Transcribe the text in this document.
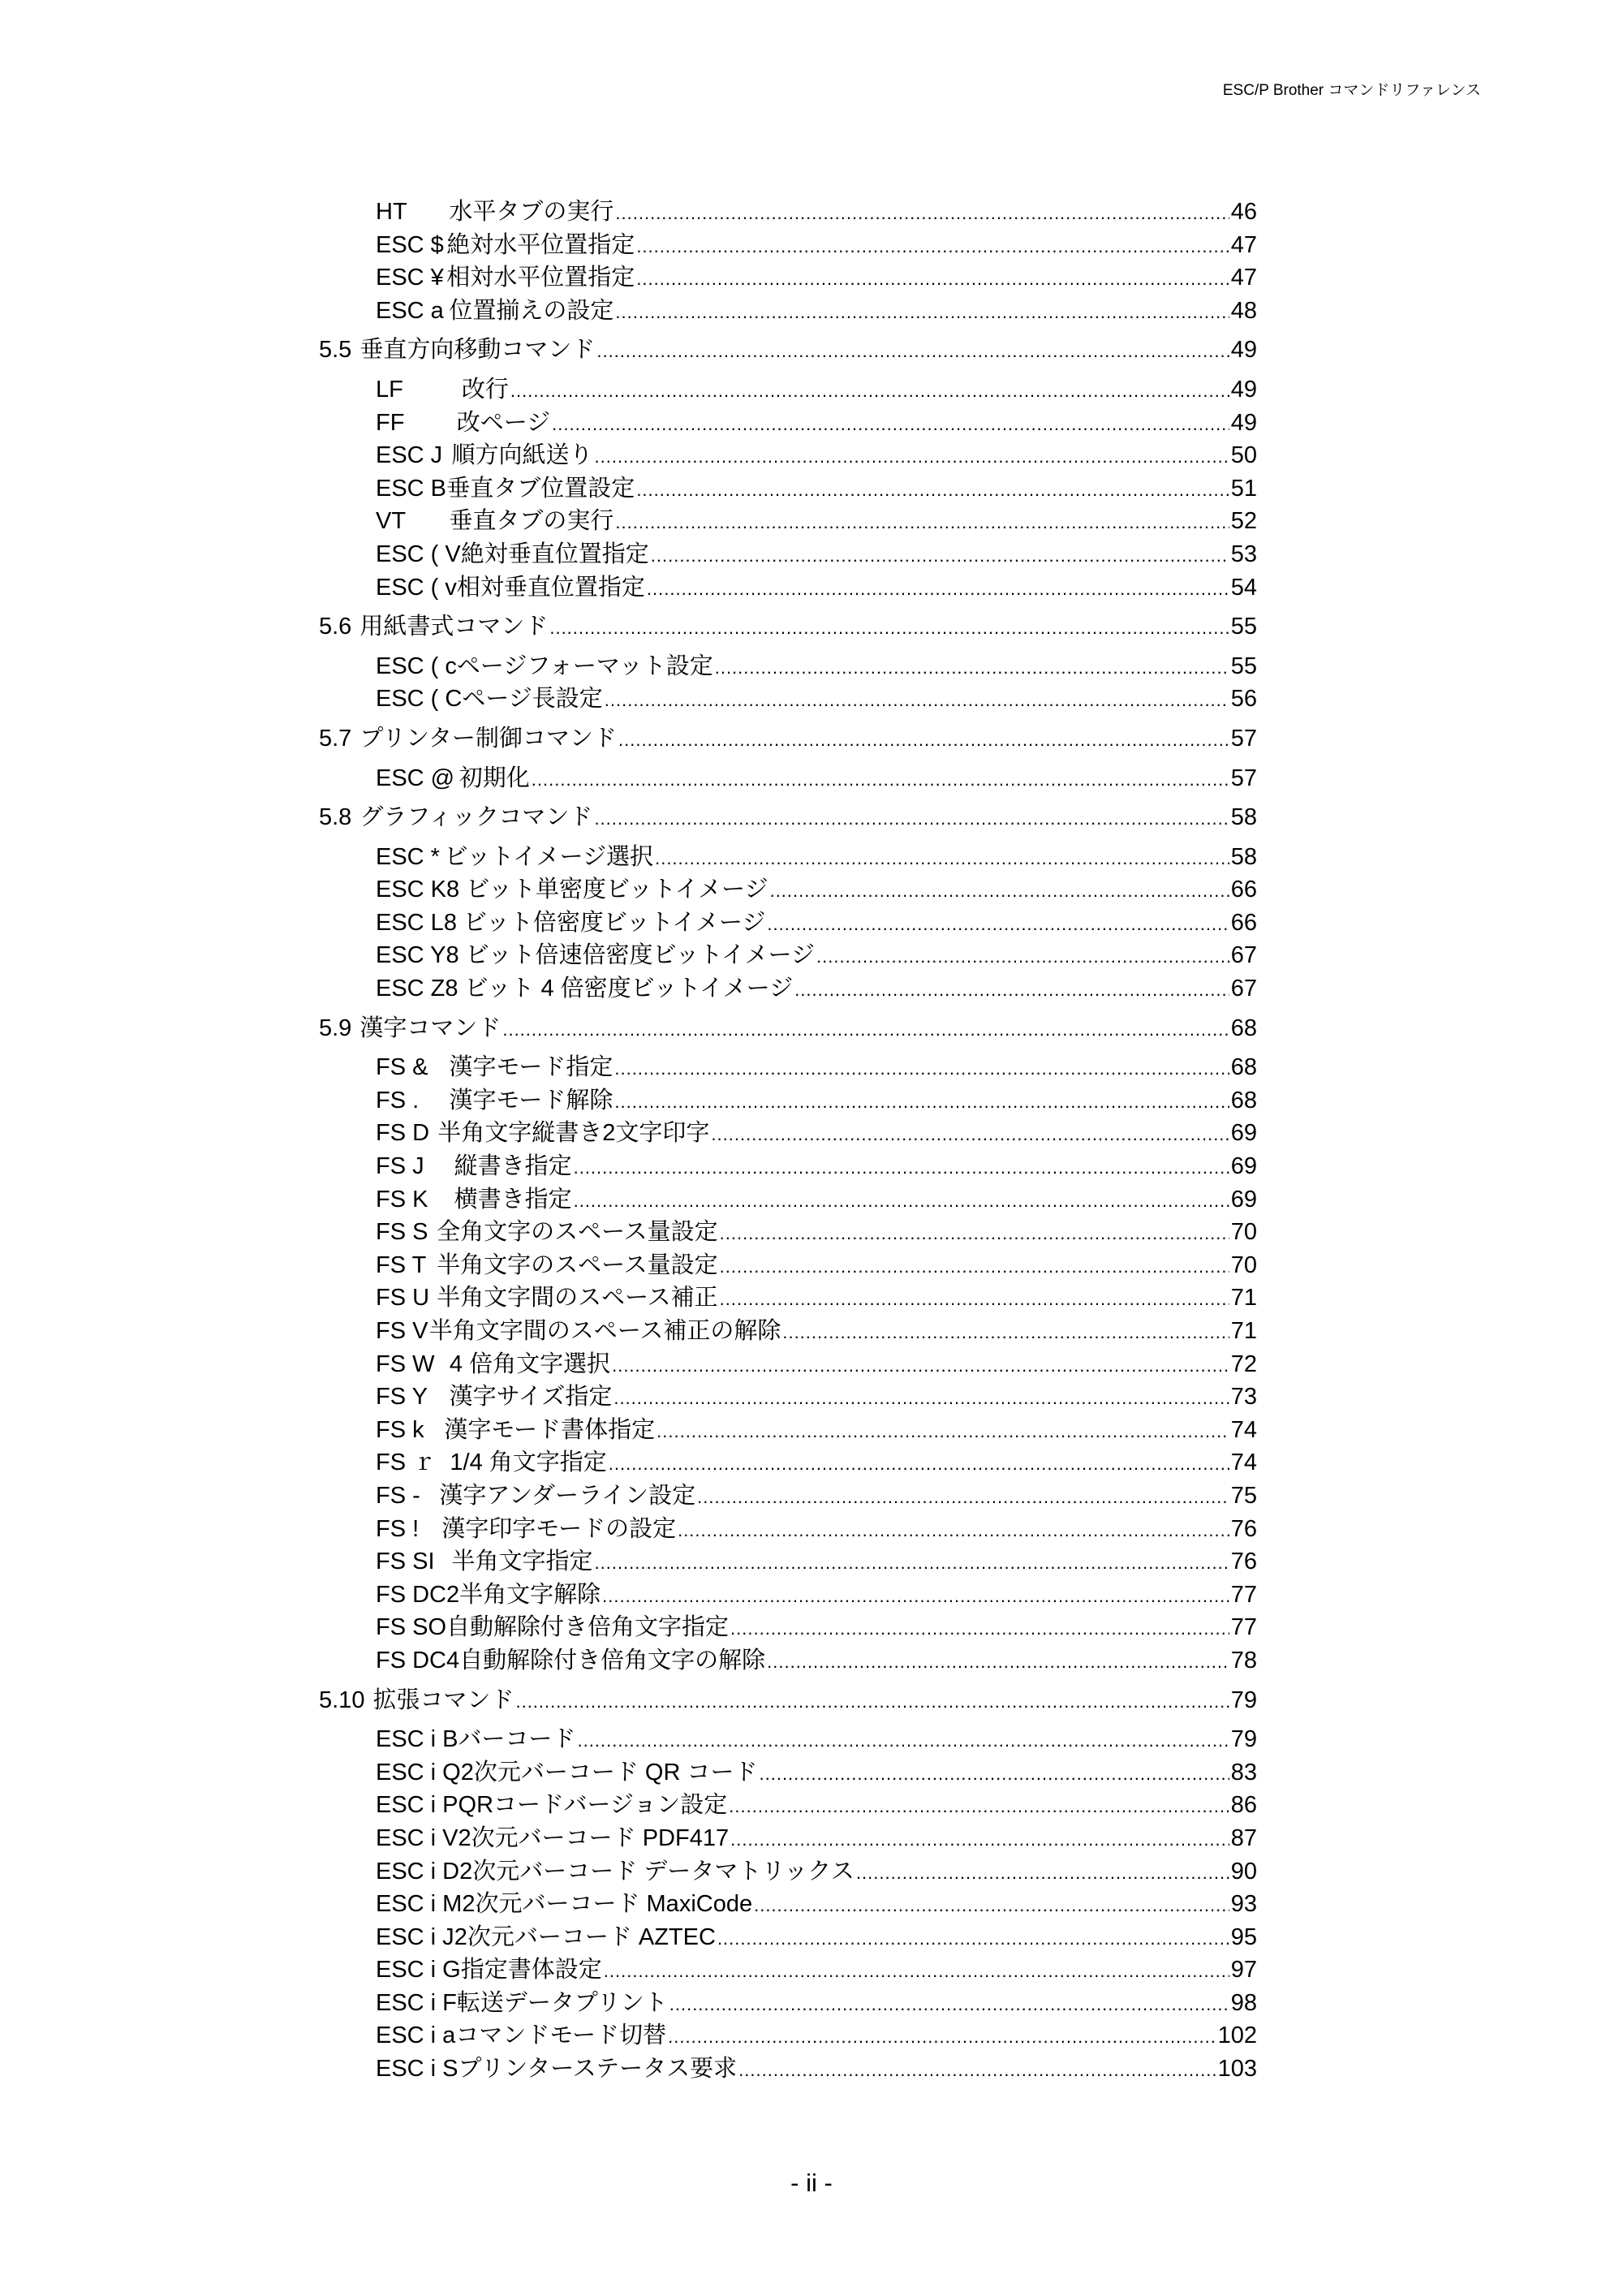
ESC/P Brother コマンドリファレンス
HT	水平タブの実行 .....	46
ESC $ 絶対水平位置指定 .....	47
ESC ¥ 相対水平位置指定 .....	47
ESC a 位置揃えの設定 .....	48
5.5 垂直方向移動コマンド .....	49
LF	改行 .....	49
FF	改ページ .....	49
ESC J 順方向紙送り .....	50
ESC B 垂直タブ位置設定 .....	51
VT	垂直タブの実行 .....	52
ESC ( V 絶対垂直位置指定 .....	53
ESC ( v 相対垂直位置指定 .....	54
5.6 用紙書式コマンド .....	55
ESC ( c ページフォーマット設定 .....	55
ESC ( C ページ長設定 .....	56
5.7 プリンター制御コマンド .....	57
ESC @ 初期化 .....	57
5.8 グラフィックコマンド .....	58
ESC * ビットイメージ選択 .....	58
ESC K 8 ビット単密度ビットイメージ .....	66
ESC L 8 ビット倍密度ビットイメージ .....	66
ESC Y 8 ビット倍速倍密度ビットイメージ .....	67
ESC Z 8 ビット 4 倍密度ビットイメージ .....	67
5.9 漢字コマンド .....	68
FS & 漢字モード指定 .....	68
FS .	漢字モード解除 .....	68
FS D 半角文字縦書き2文字印字 .....	69
FS J	縦書き指定 .....	69
FS K	横書き指定 .....	69
FS S 全角文字のスペース量設定 .....	70
FS T 半角文字のスペース量設定 .....	70
FS U 半角文字間のスペース補正 .....	71
FS V 半角文字間のスペース補正の解除 .....	71
FS W 4 倍角文字選択 .....	72
FS Y 漢字サイズ指定 .....	73
FS k 漢字モード書体指定 .....	74
FS ｒ 1/4 角文字指定 .....	74
FS - 漢字アンダーライン設定 .....	75
FS ! 漢字印字モードの設定 .....	76
FS SI 半角文字指定 .....	76
FS DC2 半角文字解除 .....	77
FS SO 自動解除付き倍角文字指定 .....	77
FS DC4 自動解除付き倍角文字の解除 .....	78
5.10 拡張コマンド .....	79
ESC i B バーコード .....	79
ESC i Q 2次元バーコード QR コード .....	83
ESC i P QRコードバージョン設定 .....	86
ESC i V 2次元バーコード PDF417 .....	87
ESC i D 2次元バーコード データマトリックス .....	90
ESC i M 2次元バーコード MaxiCode .....	93
ESC i J 2次元バーコード AZTEC .....	95
ESC i G 指定書体設定 .....	97
ESC i F 転送データプリント .....	98
ESC i a コマンドモード切替 .....	102
ESC i S プリンターステータス要求 .....	103
- ii -
